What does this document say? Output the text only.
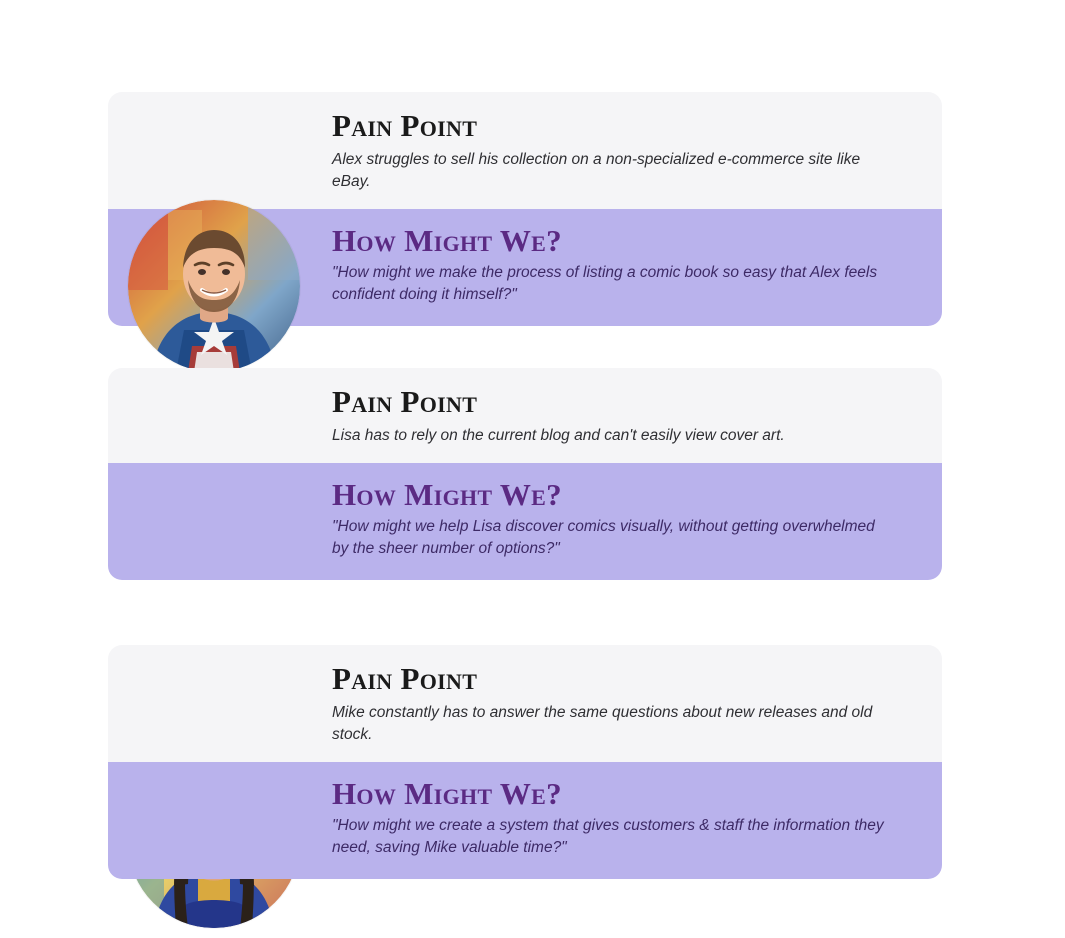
Pain Point

Alex struggles to sell his collection on a non-specialized e-commerce site like eBay.

How Might We?

"How might we make the process of listing a comic book so easy that Alex feels confident doing it himself?"

Pain Point

Lisa has to rely on the current blog and can't easily view cover art.

How Might We?

"How might we help Lisa discover comics visually, without getting overwhelmed by the sheer number of options?"

Pain Point

Mike constantly has to answer the same questions about new releases and old stock.

How Might We?

"How might we create a system that gives customers & staff the information they need, saving Mike valuable time?"
